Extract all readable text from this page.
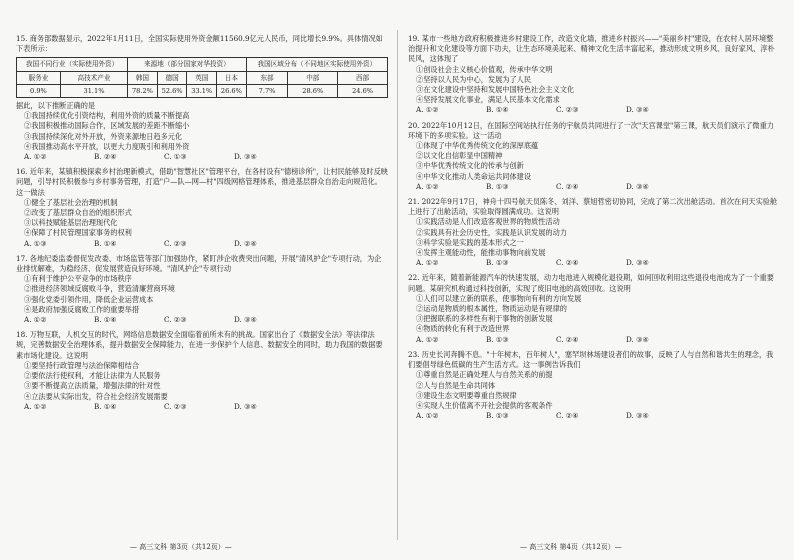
15. 商务部数据显示，2022年1月11日，全国实际使用外资金额11560.9亿元人民币，同比增长9.9%。具体情况如下表所示：

我国不同行业（实际使用外资）		来源地（部分国家对华投资）				我国区域分布（不同地区实际使用外资）		
服务业	高技术产业	韩国	德国	英国	日本	东部	中部	西部
0.9%	31.1%	78.2%	52.6%	33.1%	26.6%	7.7%	28.6%	24.6%

据此，以下推断正确的是

①我国持续优化引资结构，利用外资的质量不断提高

②我国积极推动国际合作，区域发展的差距不断缩小

③我国持续深化对外开放，外资来源地日趋多元化

④我国推动高水平开放，以更大力度吸引和利用外资

A. ①②	B. ②④	C. ①③	D. ③④

16. 近年来，某镇积极探索乡村治理新模式，借助"智慧社区"管理平台，在各村设有"德榜诊所"，让村民能够及时反映问题，引导村民积极参与乡村事务管理，打造"户—队—网—村"四级网格管理体系，推进基层群众自治走向规范化。这一做法

①健全了基层社会治理的机制

②改变了基层群众自治的组织形式

③以科技赋能基层治理现代化

④保障了村民管理国家事务的权利

A. ①③	B. ①④	C. ②③	D. ②④

17. 各地纪委监委督促发改委、市场监管等部门加强协作，紧盯涉企收费突出问题，开展"清风护企"专项行动，为企业排忧解难，为稳经济、促发展营造良好环境。"清风护企"专项行动

①有利于维护公平竞争的市场秩序

②推进经济领域反腐败斗争，营造清廉营商环境

③强化党委引领作用，降低企业运营成本

④是政府加强反腐败工作的重要举措

A. ①②	B. ①④	C. ②③	D. ③④

18. 万物互联，人机交互的时代，网络信息数据安全面临着前所未有的挑战。国家出台了《数据安全法》等法律法规，完善数据安全治理体系，提升数据安全保障能力，在进一步保护个人信息、数据安全的同时，助力我国的数据要素市场化建设。这说明

①要坚持行政管理与法治保障相结合

②要依法行使权利，才能让法律为人民服务

③要不断提高立法质量，增强法律的针对性

④立法要从实际出发，符合社会经济发展需要

A. ①②	B. ①④	C. ②③	D. ③④

19. 某市一些地方政府积极推进乡村建设工作，改造文化墙，推进乡村振兴——"美丽乡村"建设，在农村人居环境整治提升和文化建设等方面下功夫，让生态环境美起来、精神文化生活丰富起来，推动形成文明乡风、良好家风、淳朴民风，这体现了

①创设社会主义核心价值观，传承中华文明

②坚持以人民为中心，发展为了人民

③在文化建设中坚持和发展中国特色社会主义文化

④坚持发展文化事业，满足人民基本文化需求

A. ①②	B. ①④	C. ②③	D. ③④

20. 2022年10月12日，在国际空间站执行任务的宇航员共同进行了一次"天宫课堂"第三课，航天员们演示了微重力环境下的多项实验。这一活动

①体现了中华优秀传统文化的深厚底蕴

②以文化自信彰显中国精神

③中华优秀传统文化的传承与创新

④中华文化推动人类命运共同体建设

A. ①②	B. ①③	C. ②④	D. ③④

21. 2022年9月17日，神舟十四号航天员陈冬、刘洋、蔡旭哲密切协同，完成了第二次出舱活动。首次在问天实验舱上进行了出舱活动，实验取得圆满成功。这说明

①实践活动是人们改造客观世界的物质性活动

②实践具有社会历史性，实践是认识发展的动力

③科学实验是实践的基本形式之一

④发挥主观能动性，能推动事物向前发展

A. ①②	B. ①③	C. ②④	D. ③④

22. 近年来，随着新能源汽车的快速发展，动力电池进入规模化退役期，如何回收利用这些退役电池成为了一个重要问题。某研究机构通过科技创新，实现了废旧电池的高效回收。这说明

①人们可以建立新的联系，使事物向有利的方向发展

②运动是物质的根本属性，物质运动是有规律的

③把握联系的多样性有利于事物的创新发展

④物质的转化有利于改造世界

A. ①②	B. ①③	C. ②④	D. ③④

23. 历史长河奔腾不息。"十年树木，百年树人"，塞罕坝林场建设者们的故事，反映了人与自然和谐共生的理念，我们要倡导绿色低碳的生产生活方式。这一事例告诉我们

①尊重自然是正确处理人与自然关系的前提

②人与自然是生命共同体

③建设生态文明要尊重自然规律

④实现人生价值离不开社会提供的客观条件

A. ①②	B. ①③	C. ②④	D. ③④
— 高三文科 第3页（共12页）—	— 高三文科 第4页（共12页）—
